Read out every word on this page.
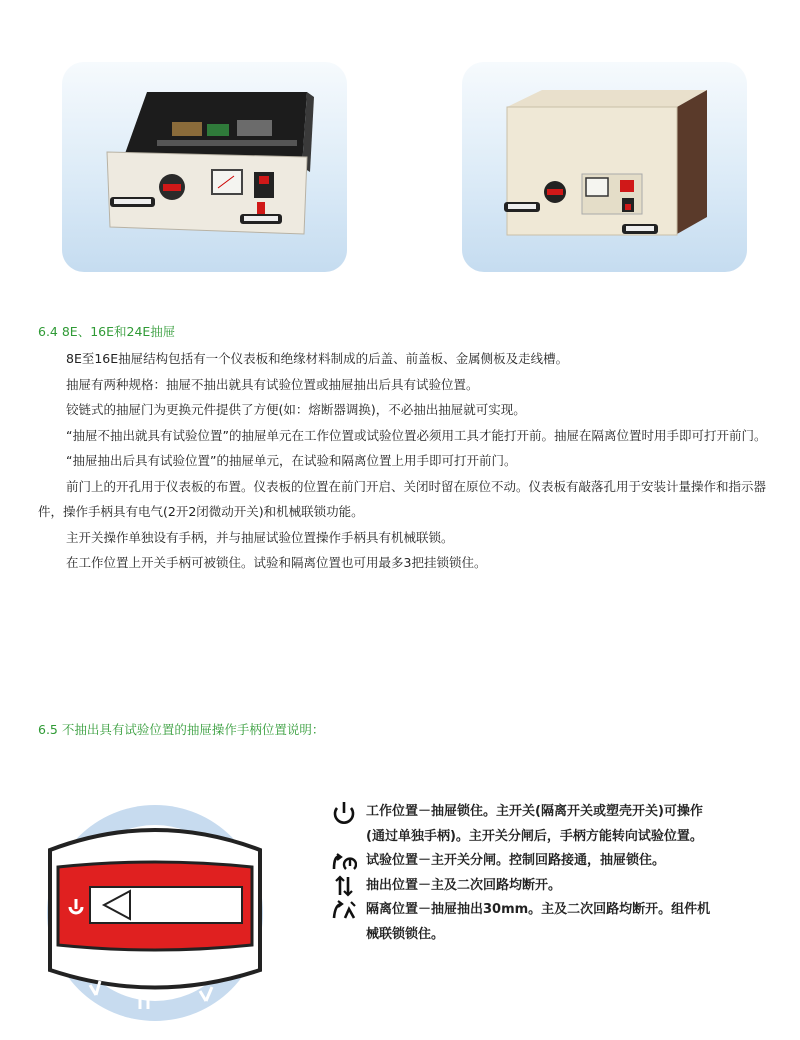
6.4 8E、16E和24E抽屉

8E至16E抽屉结构包括有一个仪表板和绝缘材料制成的后盖、前盖板、金属侧板及走线槽。

抽屉有两种规格：抽屉不抽出就具有试验位置或抽屉抽出后具有试验位置。

铰链式的抽屉门为更换元件提供了方便(如：熔断器调换)，不必抽出抽屉就可实现。

“抽屉不抽出就具有试验位置”的抽屉单元在工作位置或试验位置必须用工具才能打开前。抽屉在隔离位置时用手即可打开前门。

“抽屉抽出后具有试验位置”的抽屉单元，在试验和隔离位置上用手即可打开前门。

前门上的开孔用于仪表板的布置。仪表板的位置在前门开启、关闭时留在原位不动。仪表板有敲落孔用于安装计量操作和指示器件，操作手柄具有电气(2开2闭微动开关)和机械联锁功能。

主开关操作单独设有手柄，并与抽屉试验位置操作手柄具有机械联锁。

在工作位置上开关手柄可被锁住。试验和隔离位置也可用最多3把挂锁锁住。

6.5 不抽出具有试验位置的抽屉操作手柄位置说明：
工作位置－抽屉锁住。主开关(隔离开关或塑壳开关)可操作
(通过单独手柄)。主开关分闸后，手柄方能转向试验位置。
试验位置－主开关分闸。控制回路接通，抽屉锁住。
抽出位置－主及二次回路均断开。
隔离位置－抽屉抽出30mm。主及二次回路均断开。组件机
械联锁锁住。
